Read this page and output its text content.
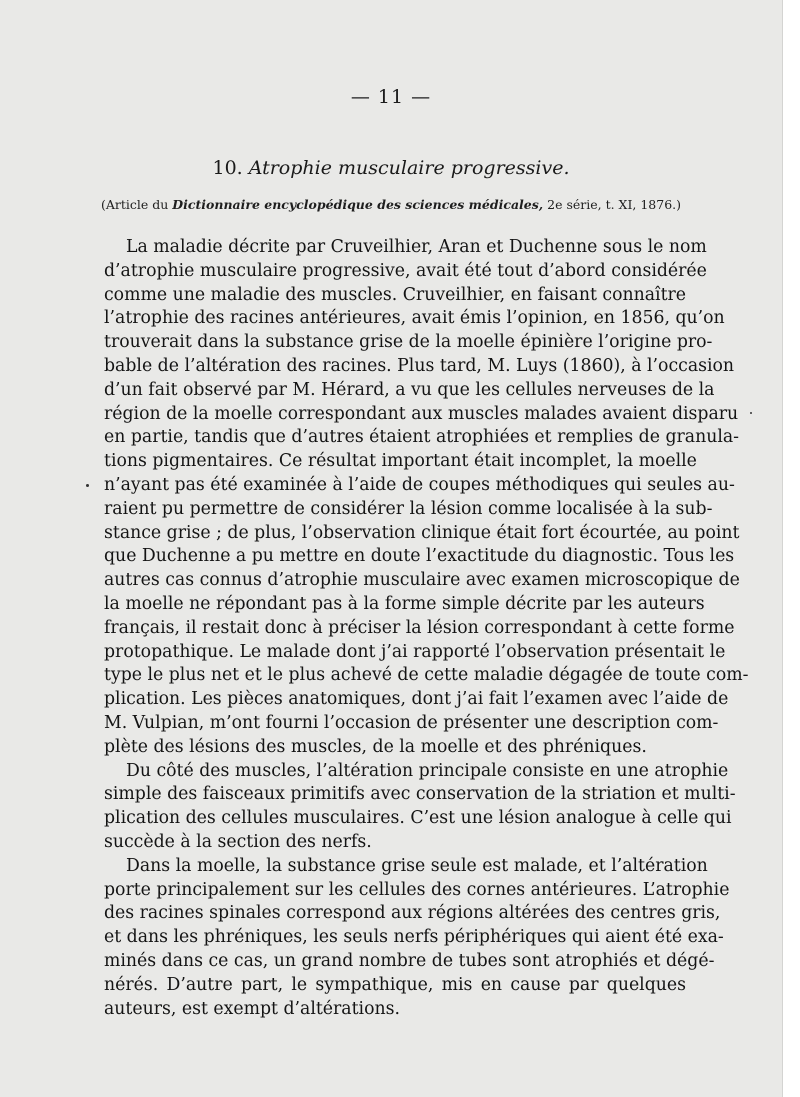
— 11 —
10. Atrophie musculaire progressive.
(Article du Dictionnaire encyclopédique des sciences médicales, 2e série, t. XI, 1876.)
La maladie décrite par Cruveilhier, Aran et Duchenne sous le nom
d’atrophie musculaire progressive, avait été tout d’abord considérée
comme une maladie des muscles. Cruveilhier, en faisant connaître
l’atrophie des racines antérieures, avait émis l’opinion, en 1856, qu’on
trouverait dans la substance grise de la moelle épinière l’origine pro-
bable de l’altération des racines. Plus tard, M. Luys (1860), à l’occasion
d’un fait observé par M. Hérard, a vu que les cellules nerveuses de la
région de la moelle correspondant aux muscles malades avaient disparu
en partie, tandis que d’autres étaient atrophiées et remplies de granula-
tions pigmentaires. Ce résultat important était incomplet, la moelle
n’ayant pas été examinée à l’aide de coupes méthodiques qui seules au-
raient pu permettre de considérer la lésion comme localisée à la sub-
stance grise ; de plus, l’observation clinique était fort écourtée, au point
que Duchenne a pu mettre en doute l’exactitude du diagnostic. Tous les
autres cas connus d’atrophie musculaire avec examen microscopique de
la moelle ne répondant pas à la forme simple décrite par les auteurs
français, il restait donc à préciser la lésion correspondant à cette forme
protopathique. Le malade dont j’ai rapporté l’observation présentait le
type le plus net et le plus achevé de cette maladie dégagée de toute com-
plication. Les pièces anatomiques, dont j’ai fait l’examen avec l’aide de
M. Vulpian, m’ont fourni l’occasion de présenter une description com-
plète des lésions des muscles, de la moelle et des phréniques.
Du côté des muscles, l’altération principale consiste en une atrophie
simple des faisceaux primitifs avec conservation de la striation et multi-
plication des cellules musculaires. C’est une lésion analogue à celle qui
succède à la section des nerfs.
Dans la moelle, la substance grise seule est malade, et l’altération
porte principalement sur les cellules des cornes antérieures. L’atrophie
des racines spinales correspond aux régions altérées des centres gris,
et dans les phréniques, les seuls nerfs périphériques qui aient été exa-
minés dans ce cas, un grand nombre de tubes sont atrophiés et dégé-
nérés. D’autre part, le sympathique, mis en cause par quelques
auteurs, est exempt d’altérations.
